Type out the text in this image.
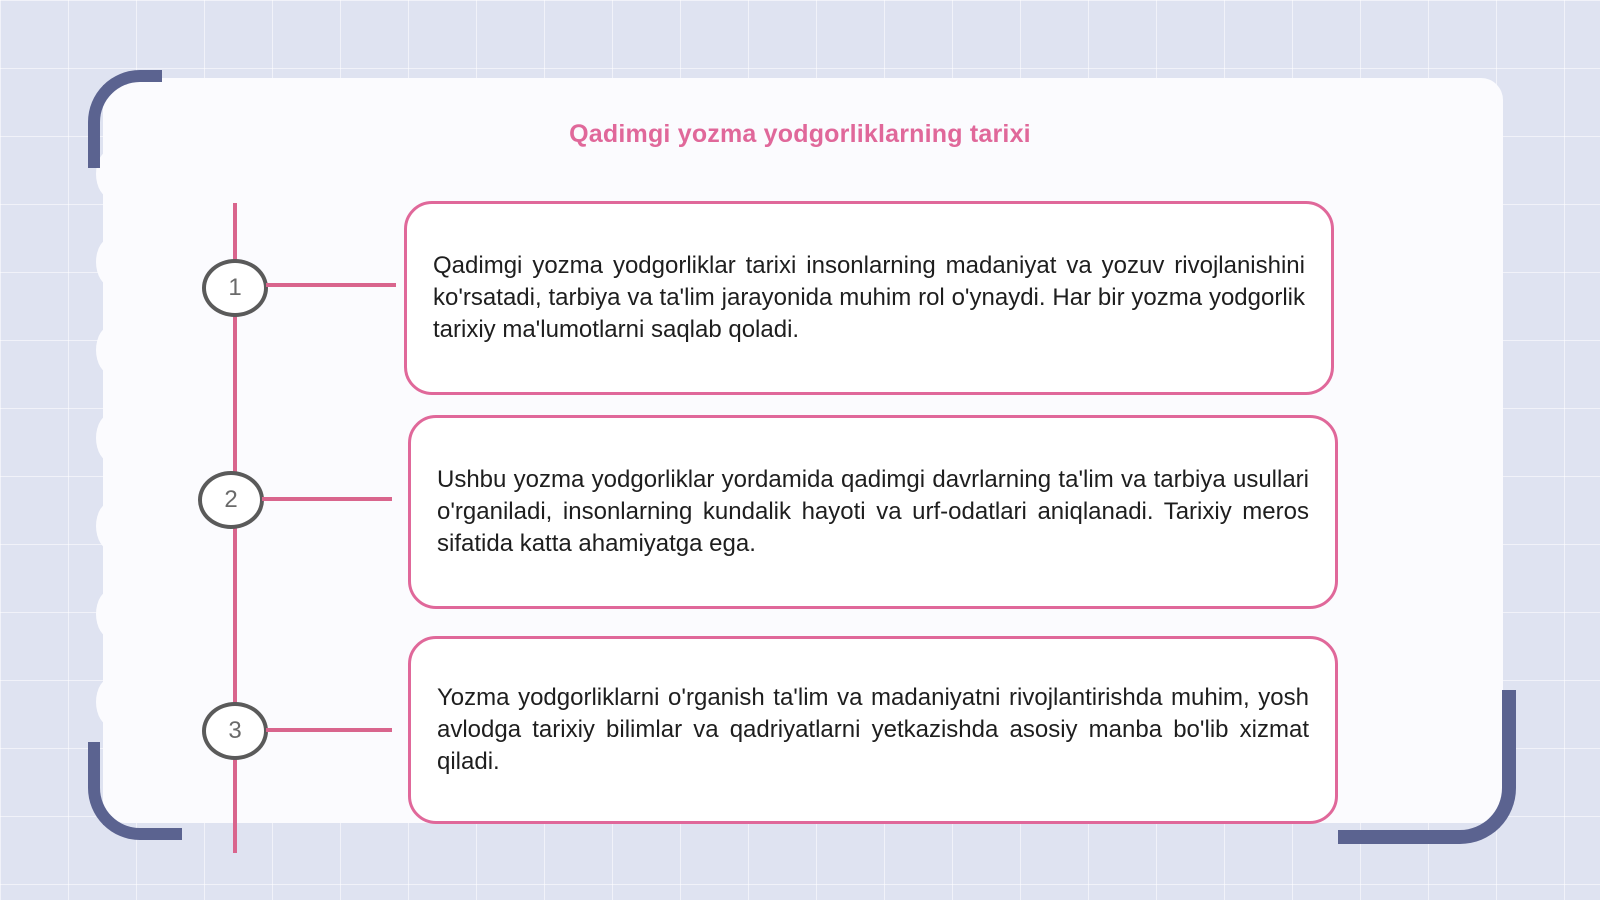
Qadimgi yozma yodgorliklarning tarixi
1

Qadimgi yozma yodgorliklar tarixi insonlarning madaniyat va yozuv rivojlanishini ko'rsatadi, tarbiya va ta'lim jarayonida muhim rol o'ynaydi. Har bir yozma yodgorlik tarixiy ma'lumotlarni saqlab qoladi.

2

Ushbu yozma yodgorliklar yordamida qadimgi davrlarning ta'lim va tarbiya usullari o'rganiladi, insonlarning kundalik hayoti va urf-odatlari aniqlanadi. Tarixiy meros sifatida katta ahamiyatga ega.

3

Yozma yodgorliklarni o'rganish ta'lim va madaniyatni rivojlantirishda muhim, yosh avlodga tarixiy bilimlar va qadriyatlarni yetkazishda asosiy manba bo'lib xizmat qiladi.
